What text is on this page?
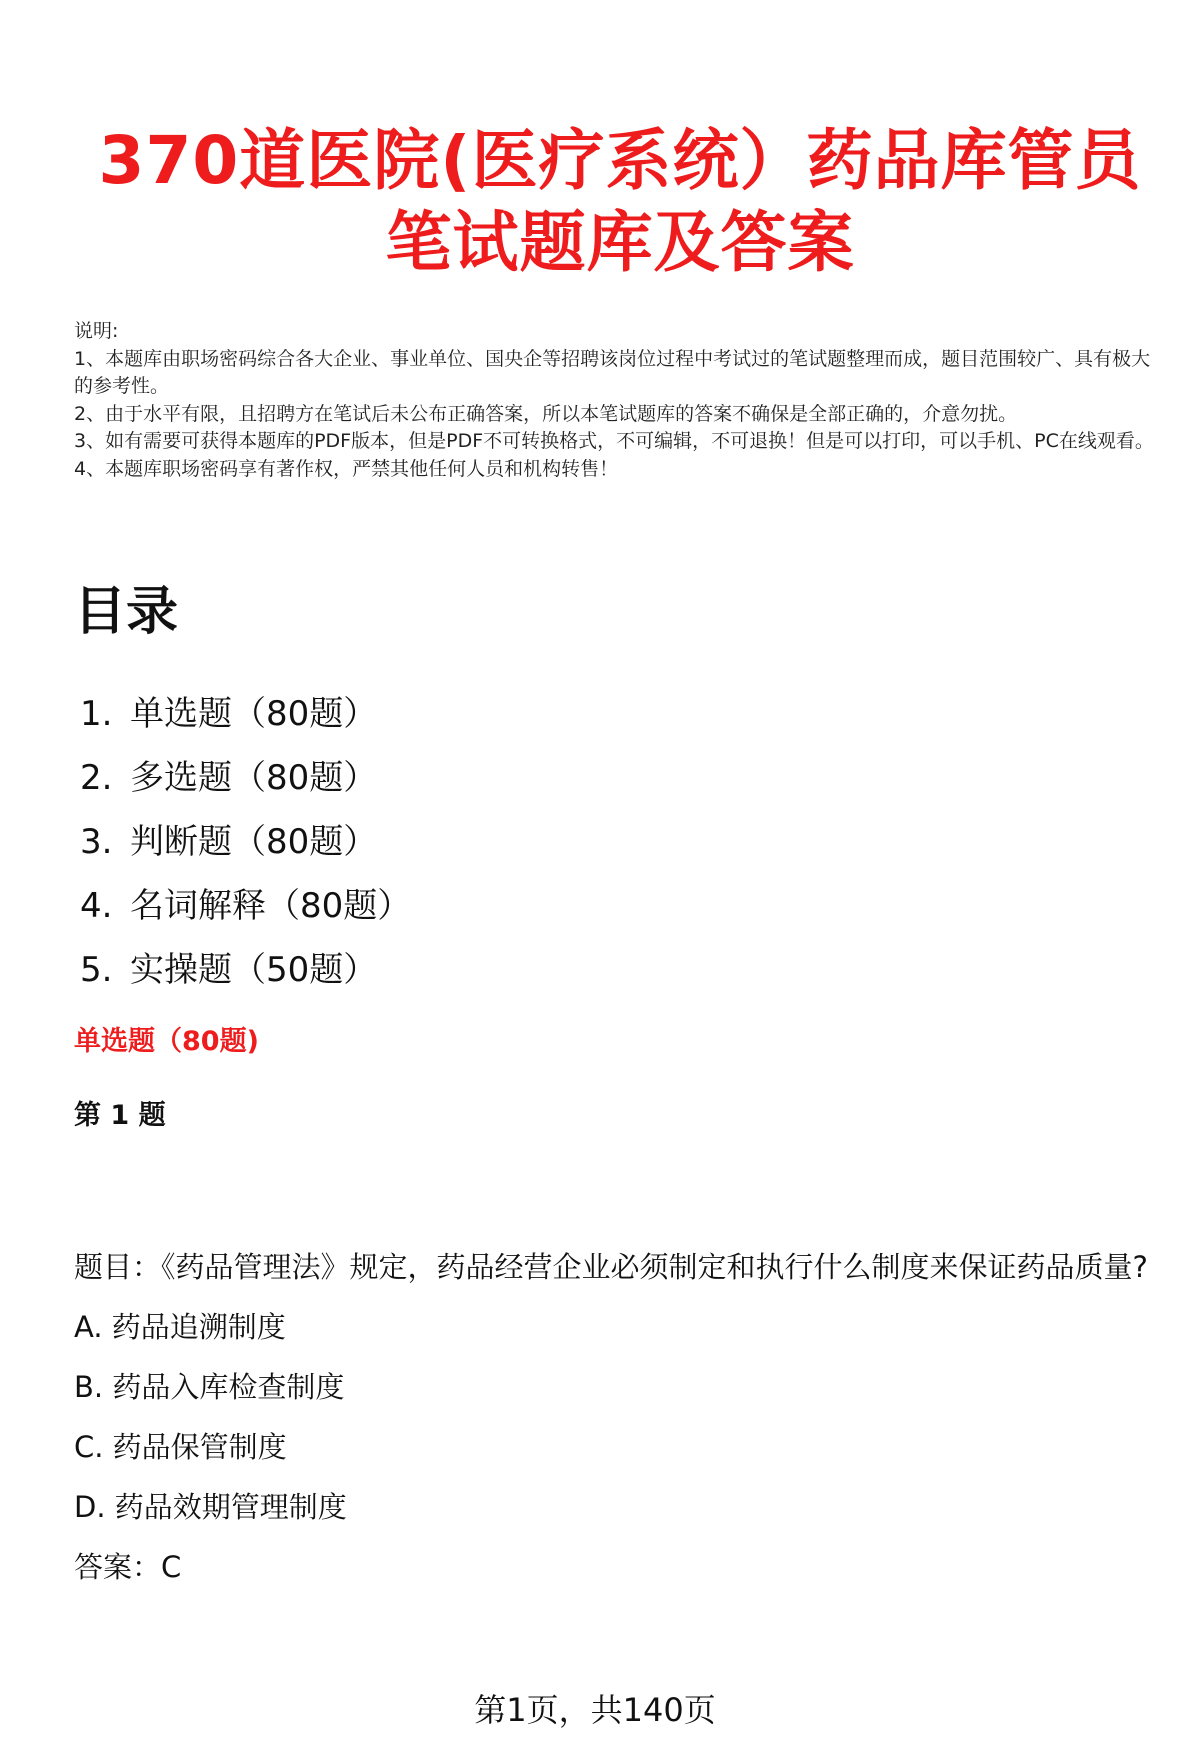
370道医院(医疗系统）药品库管员
笔试题库及答案

说明:

1、本题库由职场密码综合各大企业、事业单位、国央企等招聘该岗位过程中考试过的笔试题整理而成，题目范围较广、具有极大的参考性。

2、由于水平有限，且招聘方在笔试后未公布正确答案，所以本笔试题库的答案不确保是全部正确的，介意勿扰。

3、如有需要可获得本题库的PDF版本，但是PDF不可转换格式，不可编辑，不可退换！但是可以打印，可以手机、PC在线观看。

4、本题库职场密码享有著作权，严禁其他任何人员和机构转售！

目录
1. 单选题（80题）
2. 多选题（80题）
3. 判断题（80题）
4. 名词解释（80题）
5. 实操题（50题）
单选题（80题)
第 1 题

题目：《药品管理法》规定，药品经营企业必须制定和执行什么制度来保证药品质量?

A. 药品追溯制度

B. 药品入库检查制度

C. 药品保管制度

D. 药品效期管理制度

答案：C

第1页，共140页
